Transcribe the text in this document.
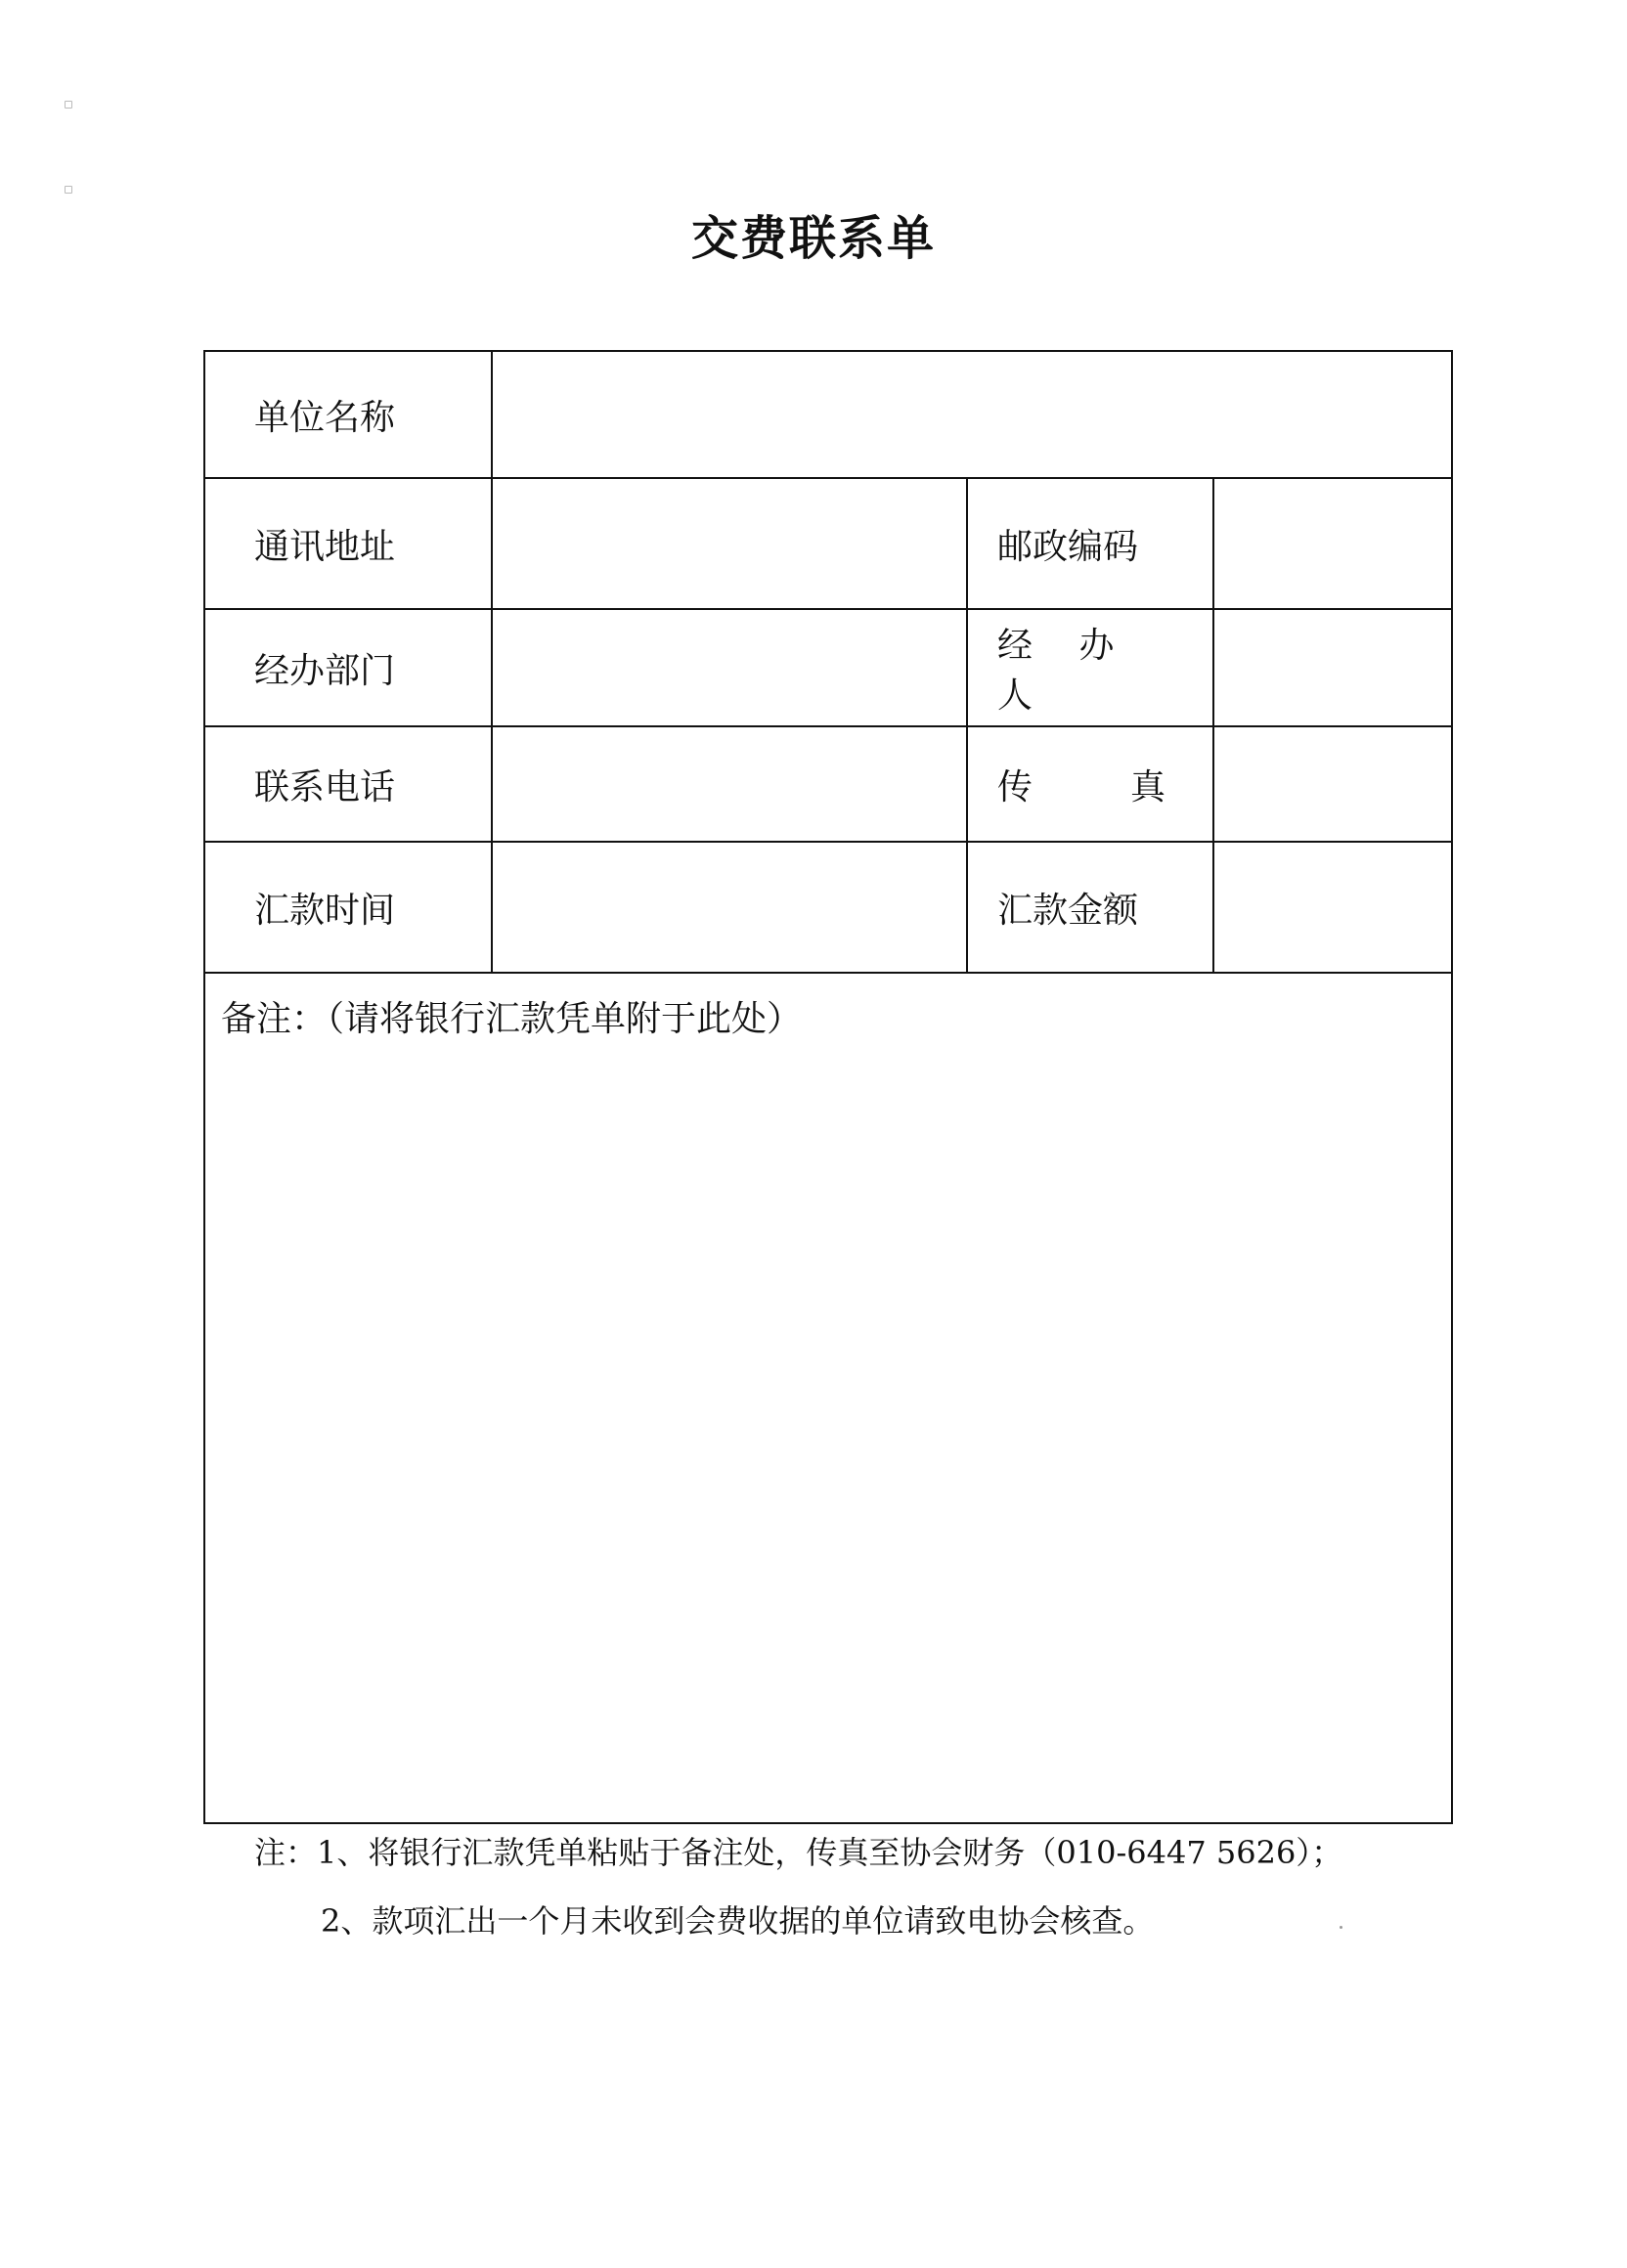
交费联系单
单位名称			
通讯地址		邮政编码	
经办部门		经 办 人	
联系电话		传 真	
汇款时间		汇款金额	
备注：（请将银行汇款凭单附于此处）			
注：1、将银行汇款凭单粘贴于备注处，传真至协会财务（010-6447 5626）；
2、款项汇出一个月未收到会费收据的单位请致电协会核查。
